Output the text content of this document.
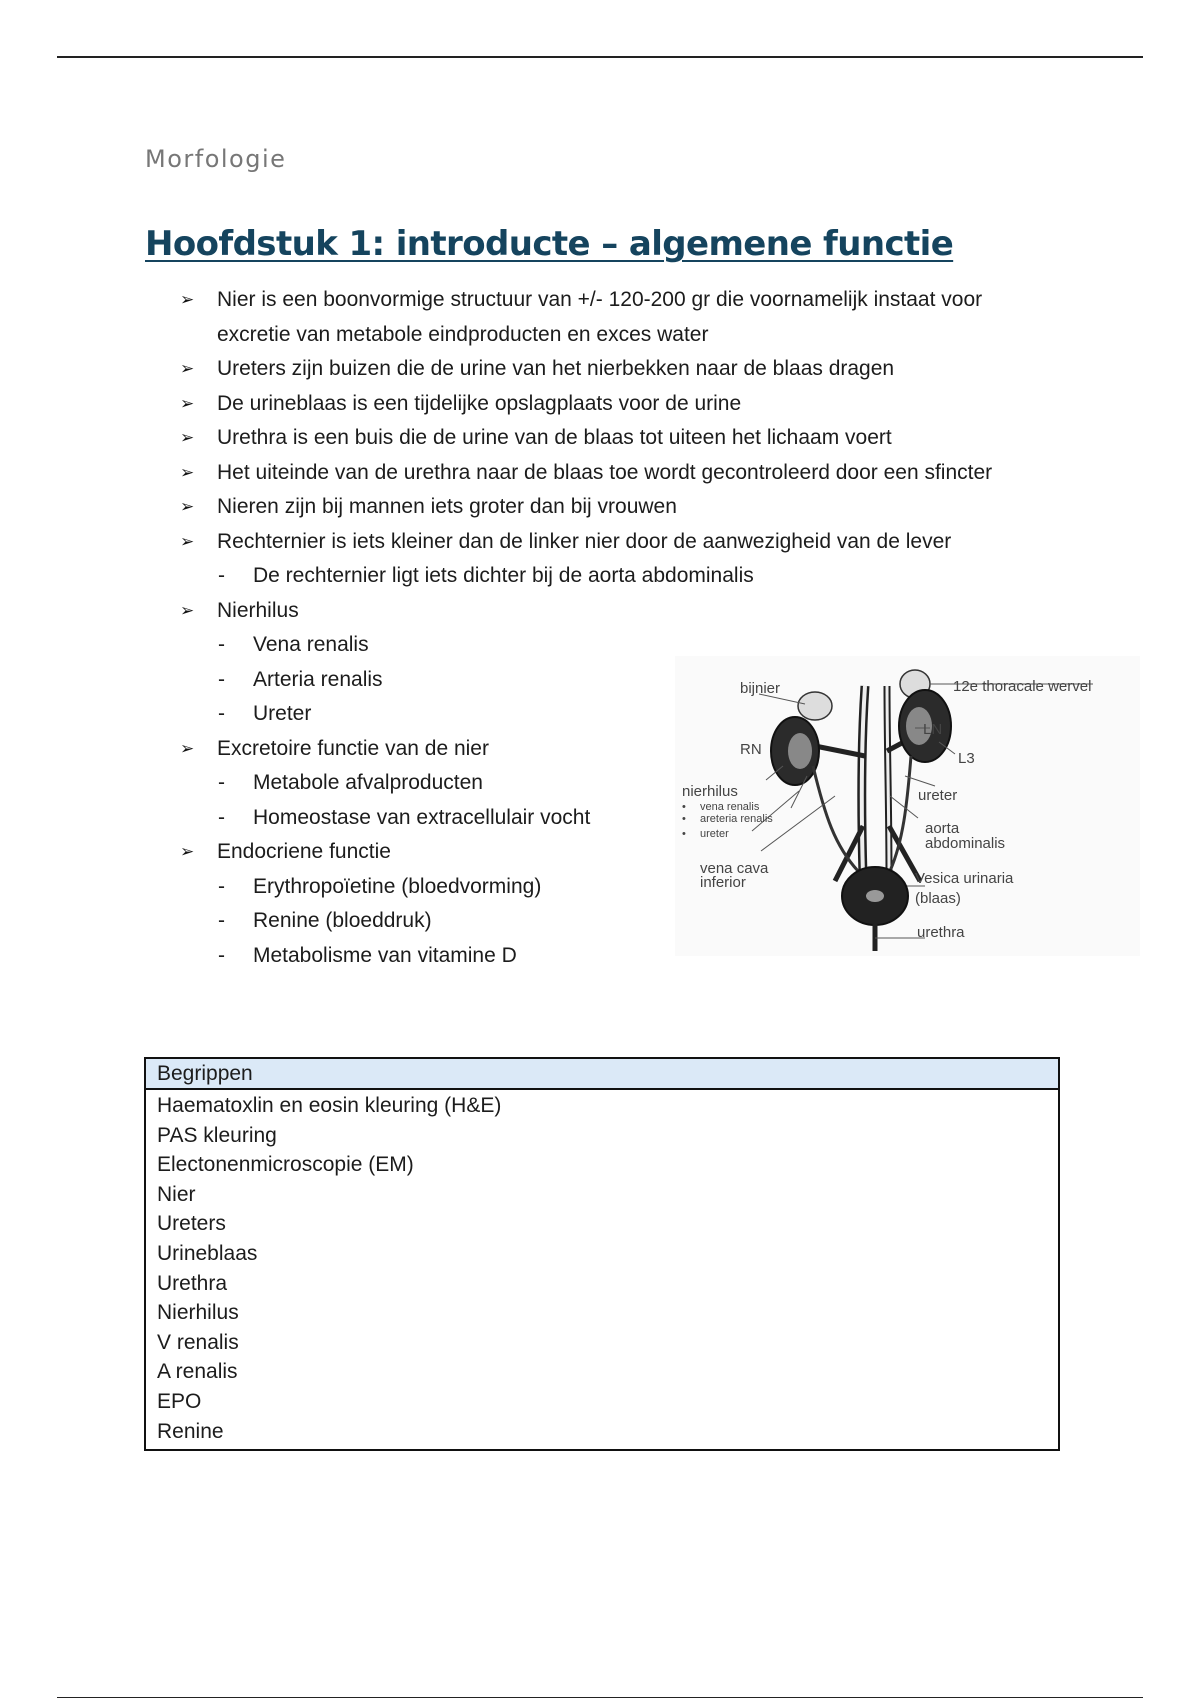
Morfologie
Hoofdstuk 1: introducte – algemene functie
➢ Nier is een boonvormige structuur van +/- 120-200 gr die voornamelijk instaat voor excretie van metabole eindproducten en exces water
➢ Ureters zijn buizen die de urine van het nierbekken naar de blaas dragen
➢ De urineblaas is een tijdelijke opslagplaats voor de urine
➢ Urethra is een buis die de urine van de blaas tot uiteen het lichaam voert
➢ Het uiteinde van de urethra naar de blaas toe wordt gecontroleerd door een sfincter
➢ Nieren zijn bij mannen iets groter dan bij vrouwen
➢ Rechternier is iets kleiner dan de linker nier door de aanwezigheid van de lever
- De rechternier ligt iets dichter bij de aorta abdominalis
➢ Nierhilus
- Vena renalis
- Arteria renalis
- Ureter
➢ Excretoire functie van de nier
- Metabole afvalproducten
- Homeostase van extracellulair vocht
➢ Endocriene functie
- Erythropoïetine (bloedvorming)
- Renine (bloeddruk)
- Metabolisme van vitamine D
bijnier	12e thoracale wervel
LN
RN
L3
nierhilus
• vena renalis
• areteria renalis
• ureter
ureter
aorta
abdominalis
vena cava
inferior	Vesica urinaria
(blaas)
urethra
Begrippen
Haematoxlin en eosin kleuring (H&E)
PAS kleuring
Electonenmicroscopie (EM)
Nier
Ureters
Urineblaas
Urethra
Nierhilus
V renalis
A renalis
EPO
Renine
